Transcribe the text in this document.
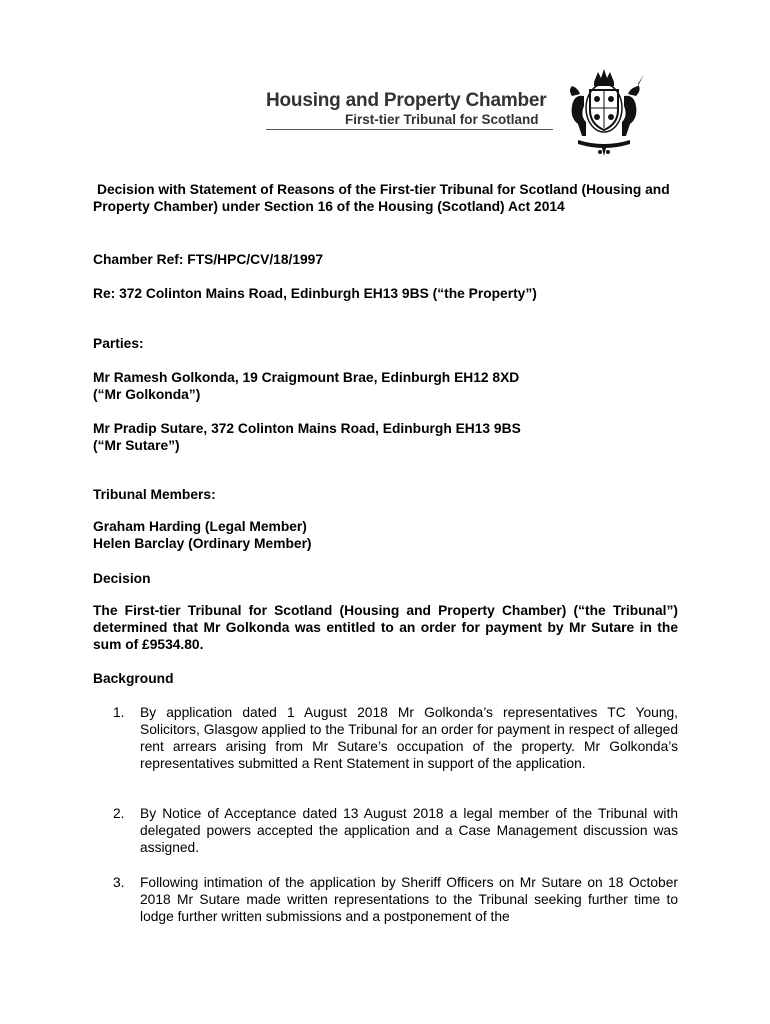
Housing and Property Chamber
First-tier Tribunal for Scotland

Decision with Statement of Reasons of the First-tier Tribunal for Scotland (Housing and Property Chamber) under Section 16 of the Housing (Scotland) Act 2014

Chamber Ref: FTS/HPC/CV/18/1997

Re: 372 Colinton Mains Road, Edinburgh EH13 9BS (“the Property”)

Parties:

Mr Ramesh Golkonda, 19 Craigmount Brae, Edinburgh EH12 8XD

(“Mr Golkonda”)

Mr Pradip Sutare, 372 Colinton Mains Road, Edinburgh EH13 9BS

(“Mr Sutare”)

Tribunal Members:

Graham Harding (Legal Member)

Helen Barclay (Ordinary Member)

Decision

The First-tier Tribunal for Scotland (Housing and Property Chamber) (“the Tribunal”) determined that Mr Golkonda was entitled to an order for payment by Mr Sutare in the sum of £9534.80.

Background

1. By application dated 1 August 2018 Mr Golkonda’s representatives TC Young, Solicitors, Glasgow applied to the Tribunal for an order for payment in respect of alleged rent arrears arising from Mr Sutare’s occupation of the property. Mr Golkonda’s representatives submitted a Rent Statement in support of the application.
2. By Notice of Acceptance dated 13 August 2018 a legal member of the Tribunal with delegated powers accepted the application and a Case Management discussion was assigned.
3. Following intimation of the application by Sheriff Officers on Mr Sutare on 18 October 2018 Mr Sutare made written representations to the Tribunal seeking further time to lodge further written submissions and a postponement of the
